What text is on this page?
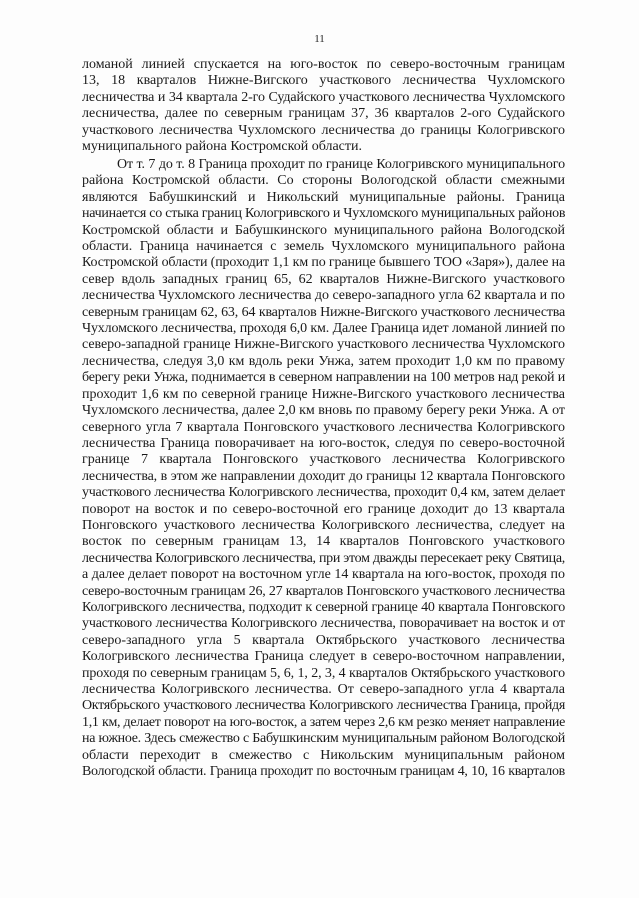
11
ломаной линией спускается на юго-восток по северо-восточным границам
13, 18 кварталов Нижне-Вигского участкового лесничества Чухломского
лесничества и 34 квартала 2-го Судайского участкового лесничества Чухломского
лесничества, далее по северным границам 37, 36 кварталов 2-ого Судайского
участкового лесничества Чухломского лесничества до границы Кологривского
муниципального района Костромской области.
От т. 7 до т. 8 Граница проходит по границе Кологривского муниципального
района Костромской области. Со стороны Вологодской области смежными
являются Бабушкинский и Никольский муниципальные районы. Граница
начинается со стыка границ Кологривского и Чухломского муниципальных районов
Костромской области и Бабушкинского муниципального района Вологодской
области. Граница начинается с земель Чухломского муниципального района
Костромской области (проходит 1,1 км по границе бывшего ТОО «Заря»), далее на
север вдоль западных границ 65, 62 кварталов Нижне-Вигского участкового
лесничества Чухломского лесничества до северо-западного угла 62 квартала и по
северным границам 62, 63, 64 кварталов Нижне-Вигского участкового лесничества
Чухломского лесничества, проходя 6,0 км. Далее Граница идет ломаной линией по
северо-западной границе Нижне-Вигского участкового лесничества Чухломского
лесничества, следуя 3,0 км вдоль реки Унжа, затем проходит 1,0 км по правому
берегу реки Унжа, поднимается в северном направлении на 100 метров над рекой и
проходит 1,6 км по северной границе Нижне-Вигского участкового лесничества
Чухломского лесничества, далее 2,0 км вновь по правому берегу реки Унжа. А от
северного угла 7 квартала Понговского участкового лесничества Кологривского
лесничества Граница поворачивает на юго-восток, следуя по северо-восточной
границе 7 квартала Понговского участкового лесничества Кологривского
лесничества, в этом же направлении доходит до границы 12 квартала Понговского
участкового лесничества Кологривского лесничества, проходит 0,4 км, затем делает
поворот на восток и по северо-восточной его границе доходит до 13 квартала
Понговского участкового лесничества Кологривского лесничества, следует на
восток по северным границам 13, 14 кварталов Понговского участкового
лесничества Кологривского лесничества, при этом дважды пересекает реку Святица,
а далее делает поворот на восточном угле 14 квартала на юго-восток, проходя по
северо-восточным границам 26, 27 кварталов Понговского участкового лесничества
Кологривского лесничества, подходит к северной границе 40 квартала Понговского
участкового лесничества Кологривского лесничества, поворачивает на восток и от
северо-западного угла 5 квартала Октябрьского участкового лесничества
Кологривского лесничества Граница следует в северо-восточном направлении,
проходя по северным границам 5, 6, 1, 2, 3, 4 кварталов Октябрьского участкового
лесничества Кологривского лесничества. От северо-западного угла 4 квартала
Октябрьского участкового лесничества Кологривского лесничества Граница, пройдя
1,1 км, делает поворот на юго-восток, а затем через 2,6 км резко меняет направление
на южное. Здесь смежество с Бабушкинским муниципальным районом Вологодской
области переходит в смежество с Никольским муниципальным районом
Вологодской области. Граница проходит по восточным границам 4, 10, 16 кварталов
